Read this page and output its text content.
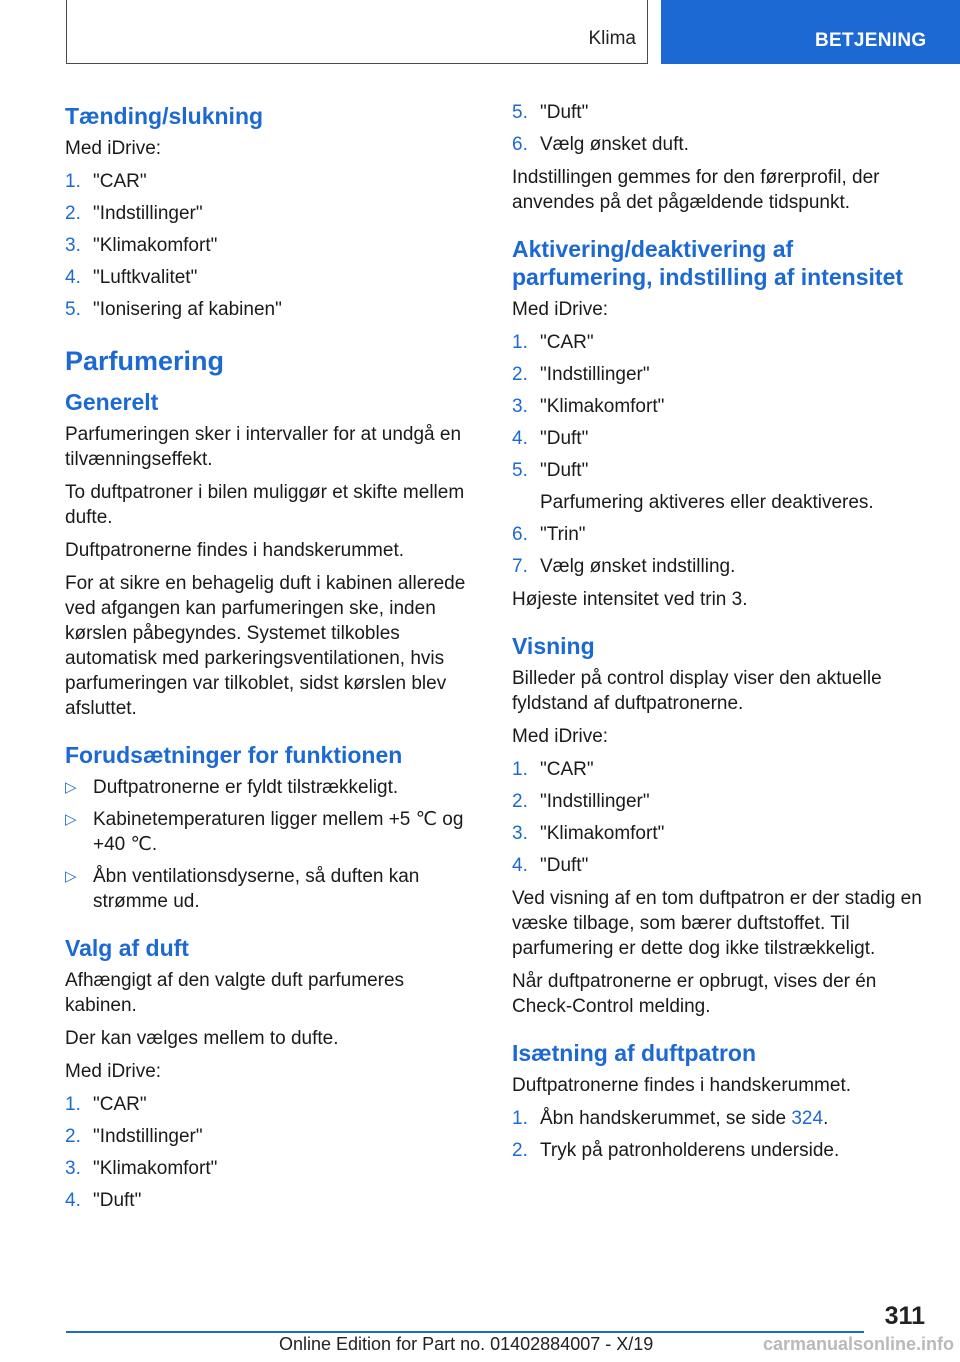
Klima	BETJENING
Tænding/slukning

Med iDrive:

1. "CAR"
2. "Indstillinger"
3. "Klimakomfort"
4. "Luftkvalitet"
5. "Ionisering af kabinen"
Parfumering
Generelt

Parfumeringen sker i intervaller for at undgå en tilvænningseffekt.

To duftpatroner i bilen muliggør et skifte mellem dufte.

Duftpatronerne findes i handskerummet.

For at sikre en behagelig duft i kabinen allerede ved afgangen kan parfumeringen ske, inden kørslen påbegyndes. Systemet tilkobles automatisk med parkeringsventilationen, hvis parfumeringen var tilkoblet, sidst kørslen blev afsluttet.

Forudsætninger for funktionen
▷ Duftpatronerne er fyldt tilstrækkeligt.
▷ Kabinetemperaturen ligger mellem +5 ℃ og +40 ℃.
▷ Åbn ventilationsdyserne, så duften kan strømme ud.
Valg af duft

Afhængigt af den valgte duft parfumeres kabinen.

Der kan vælges mellem to dufte.

Med iDrive:

1. "CAR"
2. "Indstillinger"
3. "Klimakomfort"
4. "Duft"
5. "Duft"
6. Vælg ønsket duft.

Indstillingen gemmes for den førerprofil, der anvendes på det pågældende tidspunkt.

Aktivering/deaktivering af parfumering, indstilling af intensitet

Med iDrive:

1. "CAR"
2. "Indstillinger"
3. "Klimakomfort"
4. "Duft"
5. "Duft"
Parfumering aktiveres eller deaktiveres.
6. "Trin"
7. Vælg ønsket indstilling.

Højeste intensitet ved trin 3.

Visning

Billeder på control display viser den aktuelle fyldstand af duftpatronerne.

Med iDrive:

1. "CAR"
2. "Indstillinger"
3. "Klimakomfort"
4. "Duft"

Ved visning af en tom duftpatron er der stadig en væske tilbage, som bærer duftstoffet. Til parfumering er dette dog ikke tilstrækkeligt.

Når duftpatronerne er opbrugt, vises der én Check-Control melding.

Isætning af duftpatron

Duftpatronerne findes i handskerummet.

1. Åbn handskerummet, se side 324.
2. Tryk på patronholderens underside.
311
Online Edition for Part no. 01402884007 - X/19	carmanualsonline.info
